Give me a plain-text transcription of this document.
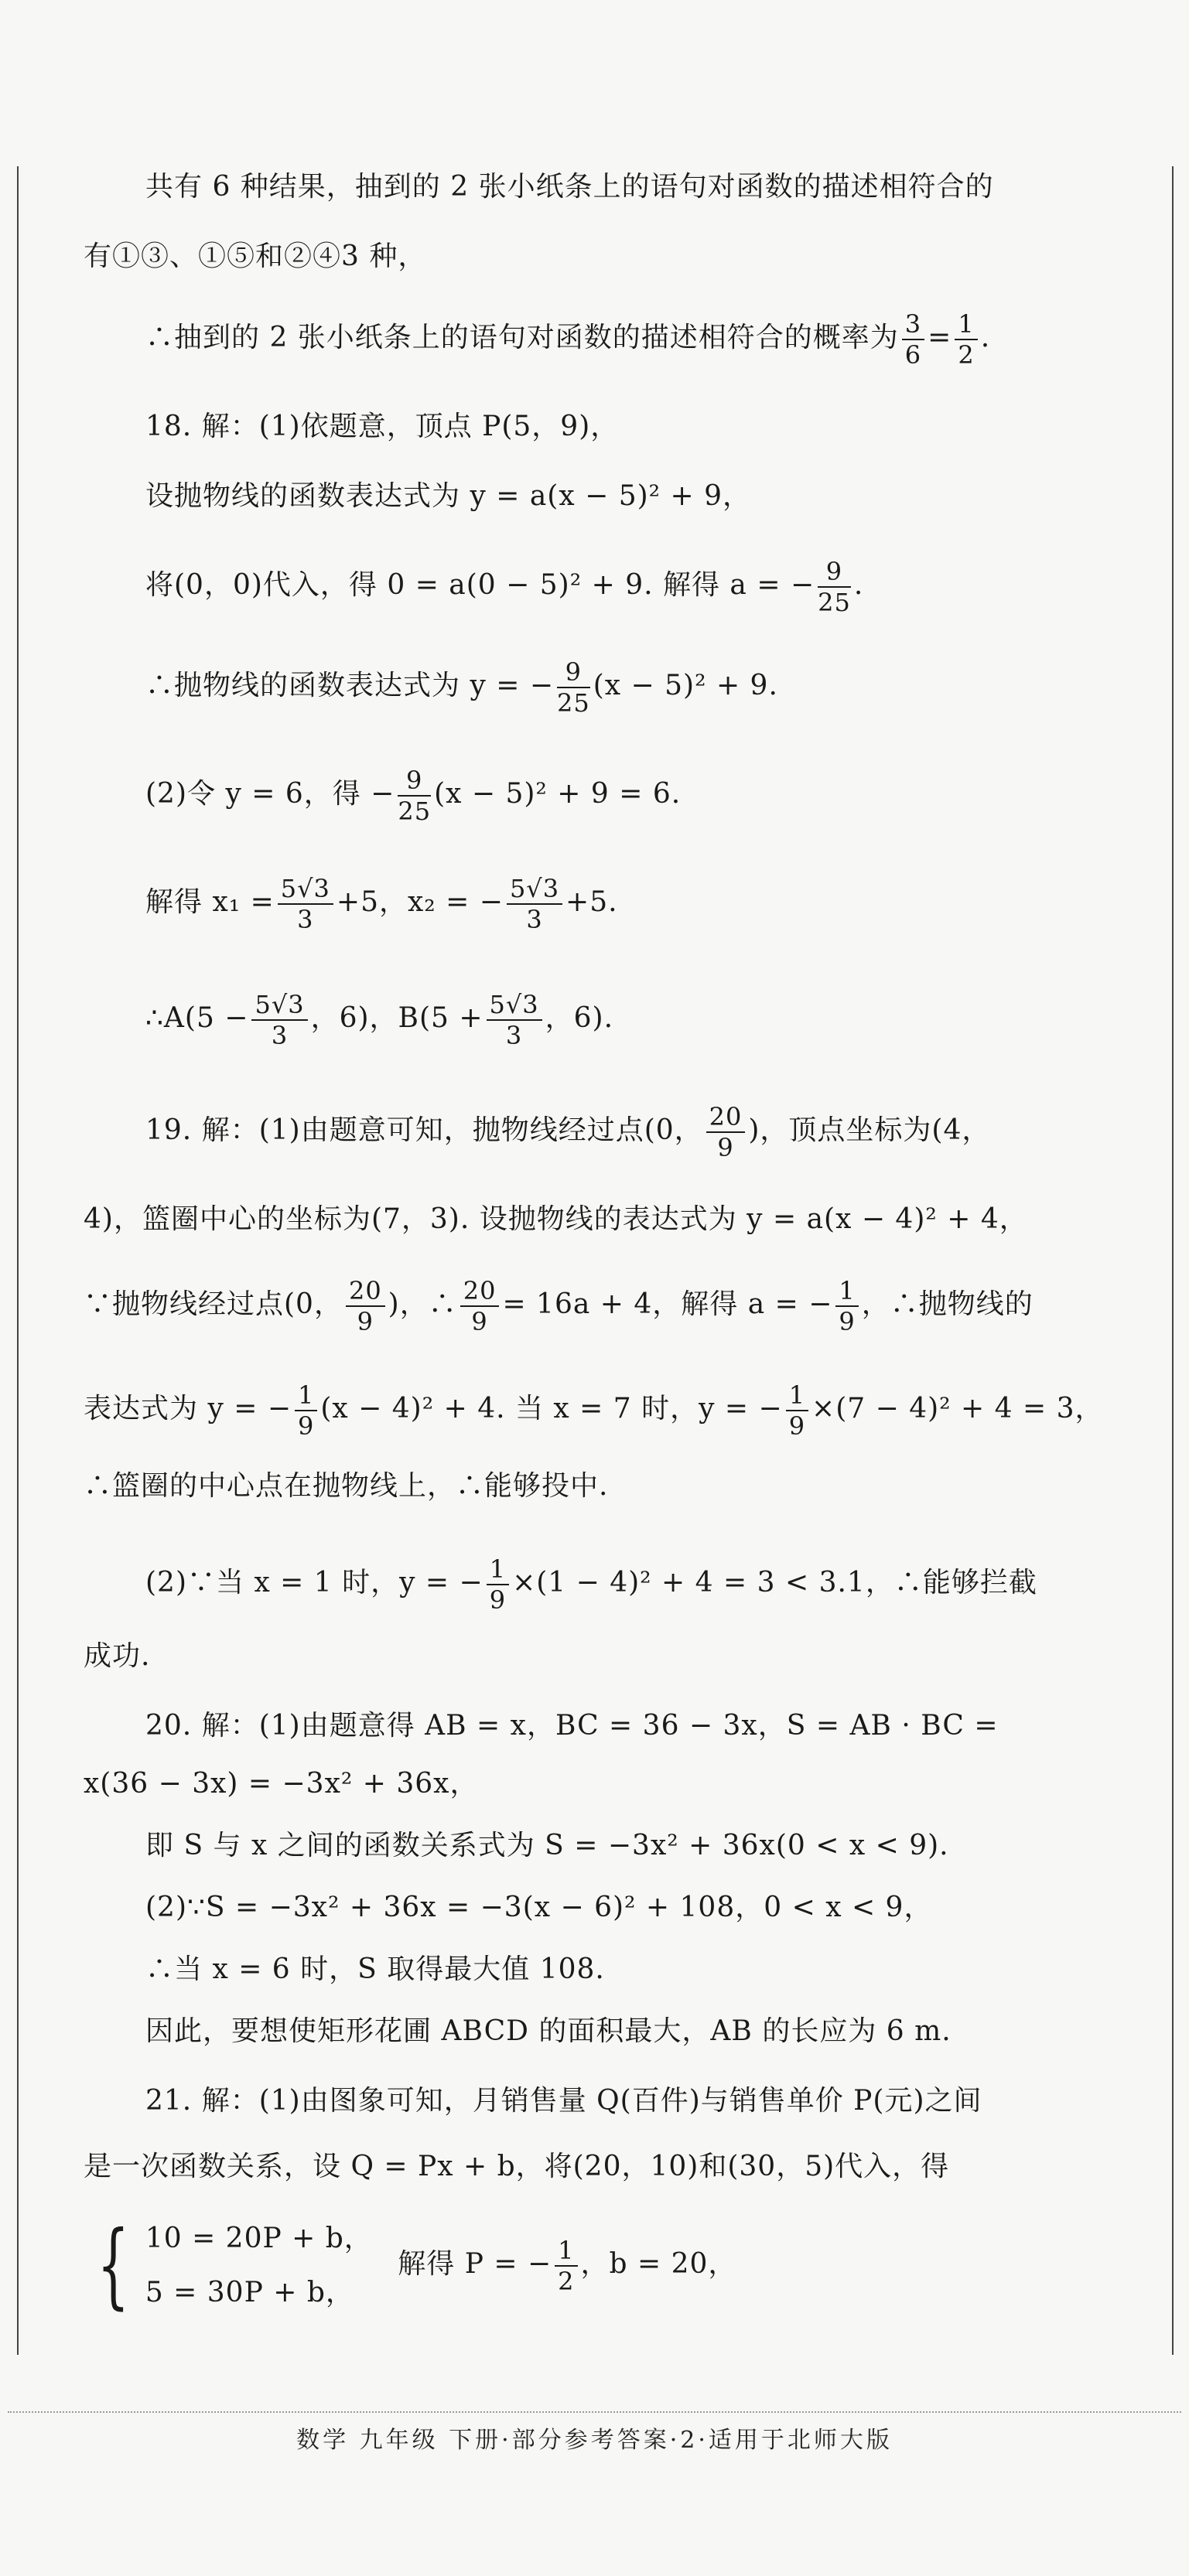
共有 6 种结果，抽到的 2 张小纸条上的语句对函数的描述相符合的
有①③、①⑤和②④3 种，
∴抽到的 2 张小纸条上的语句对函数的描述相符合的概率为 $\frac{3}{6} = \frac{1}{2}$ .
18. 解：(1)依题意，顶点 P(5，9)，
设抛物线的函数表达式为 y = a(x − 5)² + 9，
将(0，0)代入，得 0 = a(0 − 5)² + 9. 解得 a = − $\frac{9}{25}$ .
∴抛物线的函数表达式为 y = − $\frac{9}{25} (x - 5)^2 + 9$.
(2)令 y = 6，得 − $\frac{9}{25} (x - 5)^2 + 9 = 6$.
解得 $x_1 = \frac{5√3}{3} +5$，x₂ = − $\frac{5√3}{3} +5$.
∴A(5 − $\frac{5√3}{3}$ ，6)，$B(5 + \frac{5√3}{3}$ ，6).
19. 解：(1)由题意可知，抛物线经过点(0， $\frac{20}{9}$ )，顶点坐标为(4，
4)，篮圈中心的坐标为(7，3). 设抛物线的表达式为 y = a(x − 4)² + 4，
∵抛物线经过点(0， $\frac{20}{9}$ )，∴ $\frac{20}{9} = 16a + 4$，解得 a = − $\frac{1}{9}$ ，∴抛物线的
表达式为 y = − $\frac{1}{9} (x - 4)^2 + 4$. 当 x = 7 时，y = − $\frac{1}{9} \times(7 - 4)^2 + 4 = 3$，
∴篮圈的中心点在抛物线上，∴能够投中.
(2)∵当 x = 1 时，y = − $\frac{1}{9} \times(1 - 4)^2 + 4 = 3 < 3.1$，∴能够拦截
成功.
20. 解：(1)由题意得 AB = x，BC = 36 − 3x，S = AB · BC =
x(36 − 3x) = −3x² + 36x，
即 S 与 x 之间的函数关系式为 S = −3x² + 36x(0 < x < 9).
(2)∵S = −3x² + 36x = −3(x − 6)² + 108，0 < x < 9，
∴当 x = 6 时，S 取得最大值 108.
因此，要想使矩形花圃 ABCD 的面积最大，AB 的长应为 6 m.
21. 解：(1)由图象可知，月销售量 Q(百件)与销售单价 P(元)之间
是一次函数关系，设 Q = Px + b，将(20，10)和(30，5)代入，得
{ 10 = 20P + b，
5 = 30P + b，
解得 P = − $\frac{1}{2}$ ，b = 20，
数学 九年级 下册·部分参考答案·2·适用于北师大版
